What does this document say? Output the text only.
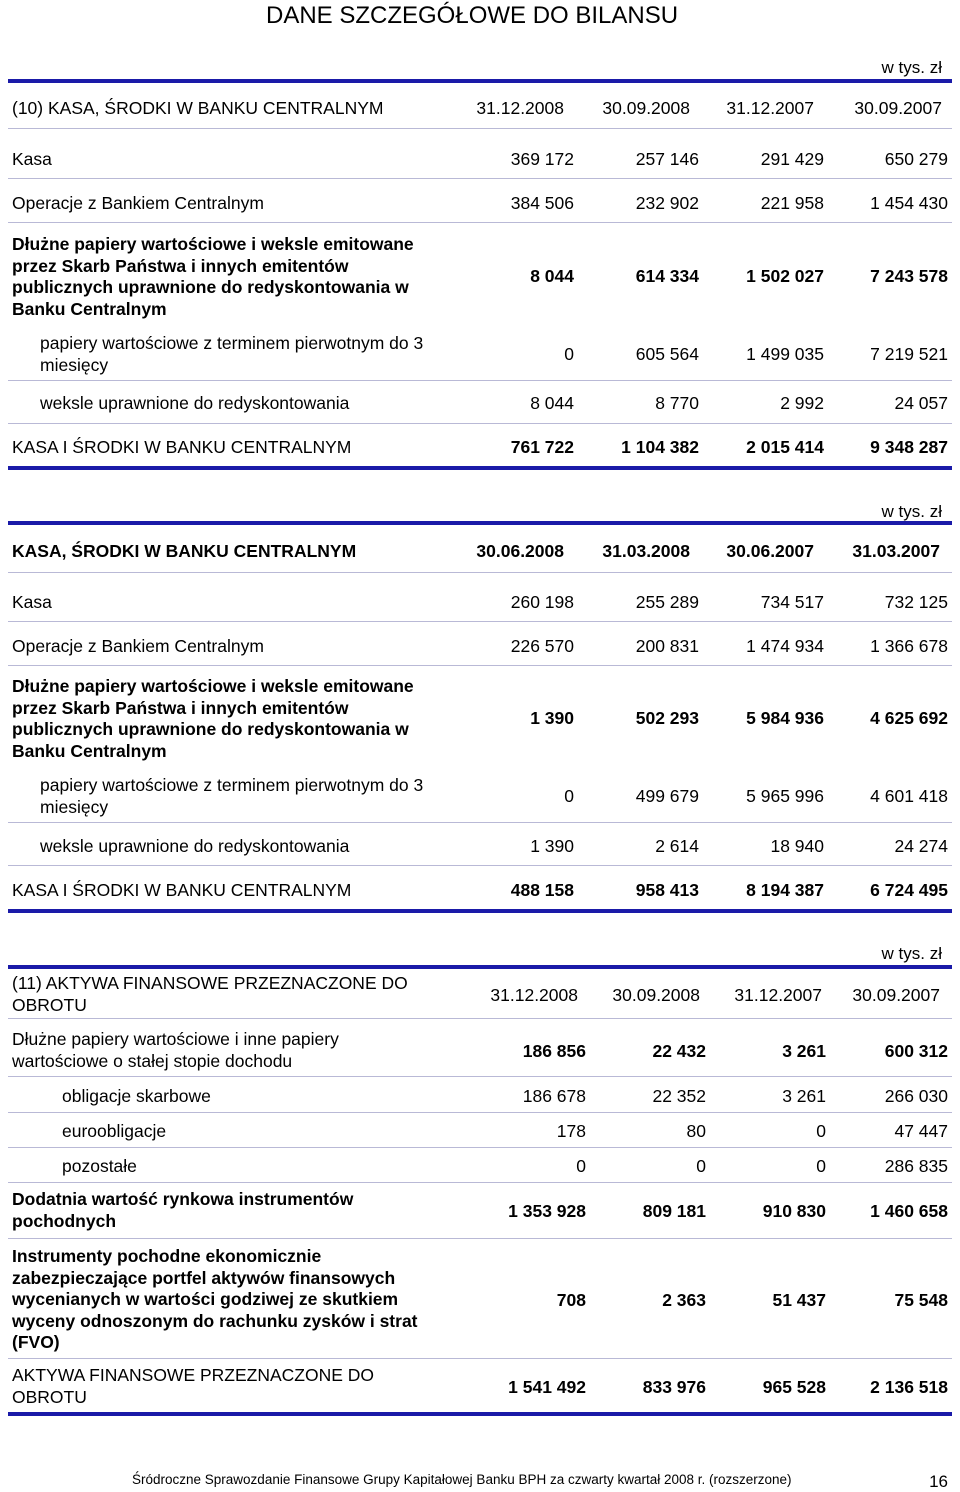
DANE SZCZEGÓŁOWE DO BILANSU
w tys. zł
(10) KASA, ŚRODKI W BANKU CENTRALNYM	31.12.2008	30.09.2008	31.12.2007	30.09.2007
Kasa	369 172	257 146	291 429	650 279
Operacje z Bankiem Centralnym	384 506	232 902	221 958	1 454 430
Dłużne papiery wartościowe i weksle emitowane
przez Skarb Państwa i innych emitentów
publicznych uprawnione do redyskontowania w
Banku Centralnym
8 044	614 334	1 502 027	7 243 578
papiery wartościowe z terminem pierwotnym do 3
miesięcy
0	605 564	1 499 035	7 219 521
weksle uprawnione do redyskontowania	8 044	8 770	2 992	24 057
KASA I ŚRODKI W BANKU CENTRALNYM	761 722	1 104 382	2 015 414	9 348 287
w tys. zł
KASA, ŚRODKI W BANKU CENTRALNYM	30.06.2008	31.03.2008	30.06.2007	31.03.2007
Kasa	260 198	255 289	734 517	732 125
Operacje z Bankiem Centralnym	226 570	200 831	1 474 934	1 366 678
Dłużne papiery wartościowe i weksle emitowane
przez Skarb Państwa i innych emitentów
publicznych uprawnione do redyskontowania w
Banku Centralnym
1 390	502 293	5 984 936	4 625 692
papiery wartościowe z terminem pierwotnym do 3
miesięcy
0	499 679	5 965 996	4 601 418
weksle uprawnione do redyskontowania	1 390	2 614	18 940	24 274
KASA I ŚRODKI W BANKU CENTRALNYM	488 158	958 413	8 194 387	6 724 495
w tys. zł
(11) AKTYWA FINANSOWE PRZEZNACZONE DO
OBROTU	31.12.2008	30.09.2008	31.12.2007	30.09.2007
Dłużne papiery wartościowe i inne papiery
wartościowe o stałej stopie dochodu	186 856	22 432	3 261	600 312
obligacje skarbowe	186 678	22 352	3 261	266 030
euroobligacje	178	80	0	47 447
pozostałe	0	0	0	286 835
Dodatnia wartość rynkowa instrumentów
pochodnych	1 353 928	809 181	910 830	1 460 658
Instrumenty pochodne ekonomicznie
zabezpieczające portfel aktywów finansowych
wycenianych w wartości godziwej ze skutkiem
wyceny odnoszonym do rachunku zysków i strat
(FVO)
708	2 363	51 437	75 548
AKTYWA FINANSOWE PRZEZNACZONE DO
OBROTU	1 541 492	833 976	965 528	2 136 518
Śródroczne Sprawozdanie Finansowe Grupy Kapitałowej Banku BPH za czwarty kwartał 2008 r. (rozszerzone)	16
